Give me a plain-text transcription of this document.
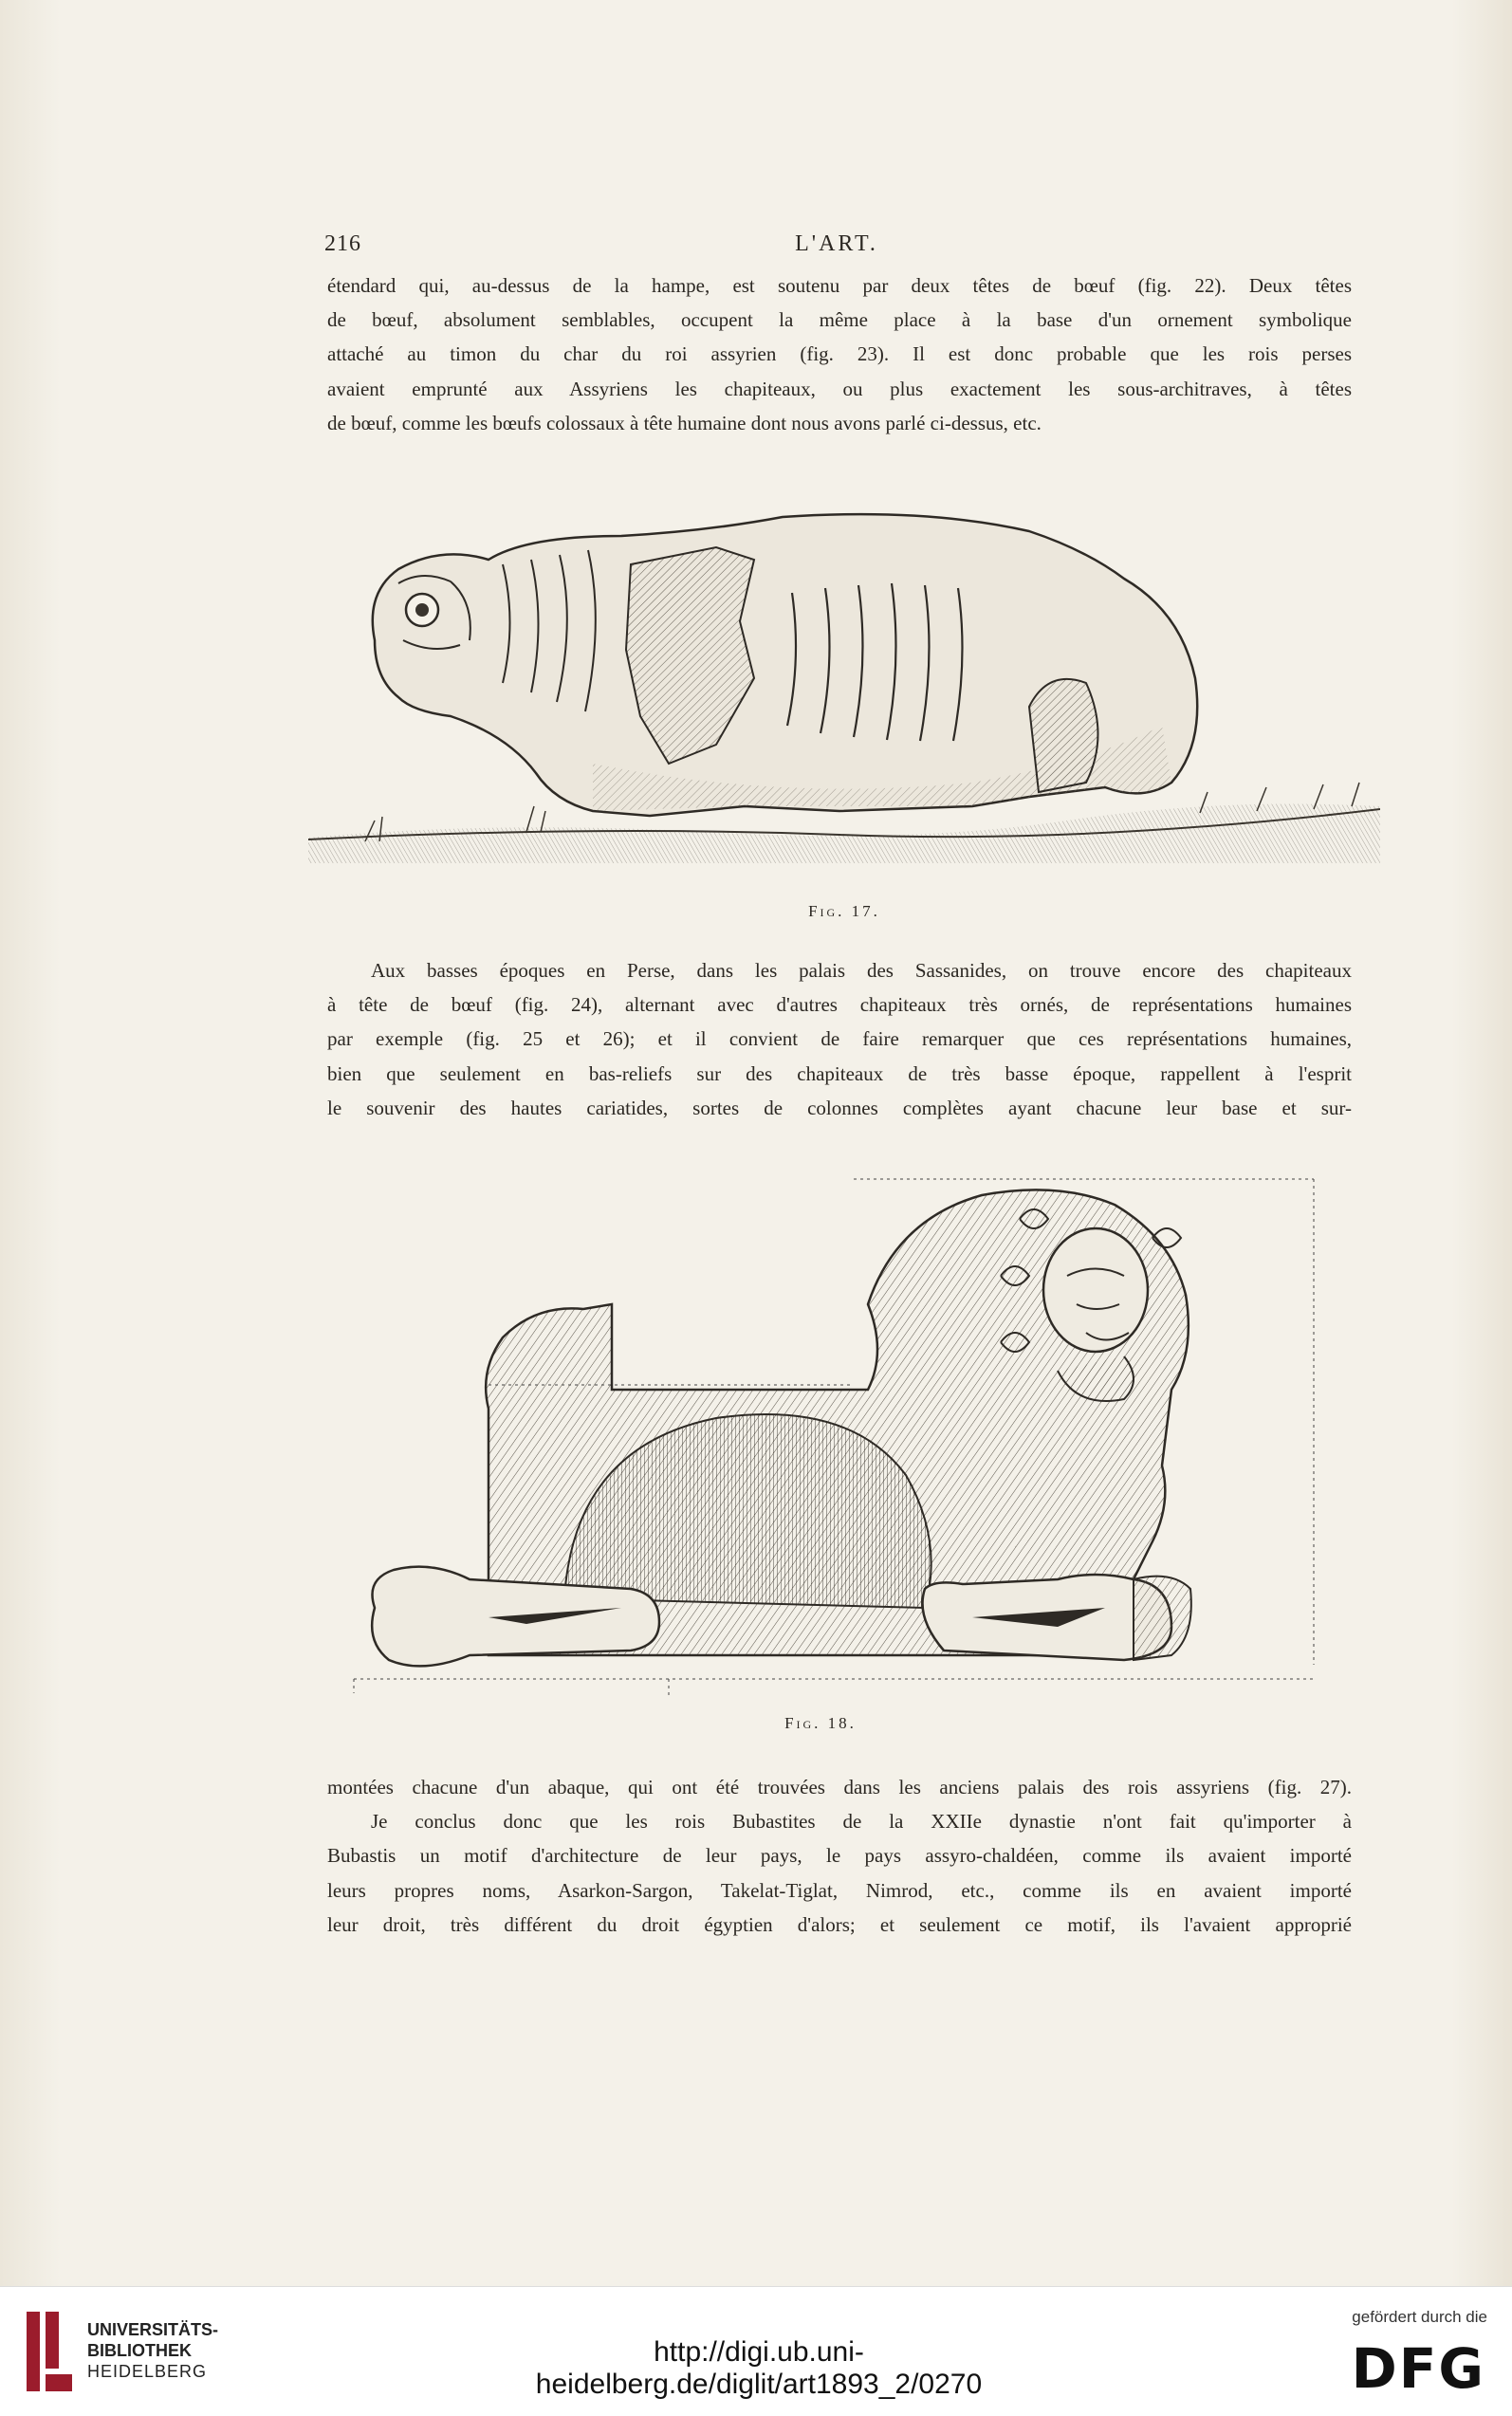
216	L'ART.

étendard qui, au-dessus de la hampe, est soutenu par deux têtes de bœuf (fig. 22). Deux têtes
de bœuf, absolument semblables, occupent la même place à la base d'un ornement symbolique
attaché au timon du char du roi assyrien (fig. 23). Il est donc probable que les rois perses
avaient emprunté aux Assyriens les chapiteaux, ou plus exactement les sous-architraves, à têtes
de bœuf, comme les bœufs colossaux à tête humaine dont nous avons parlé ci-dessus, etc.

Fig. 17.

Aux basses époques en Perse, dans les palais des Sassanides, on trouve encore des chapiteaux
à tête de bœuf (fig. 24), alternant avec d'autres chapiteaux très ornés, de représentations humaines
par exemple (fig. 25 et 26); et il convient de faire remarquer que ces représentations humaines,
bien que seulement en bas-reliefs sur des chapiteaux de très basse époque, rappellent à l'esprit
le souvenir des hautes cariatides, sortes de colonnes complètes ayant chacune leur base et sur-

Fig. 18.

montées chacune d'un abaque, qui ont été trouvées dans les anciens palais des rois assyriens (fig. 27).
Je conclus donc que les rois Bubastites de la XXIIe dynastie n'ont fait qu'importer à
Bubastis un motif d'architecture de leur pays, le pays assyro-chaldéen, comme ils avaient importé
leurs propres noms, Asarkon-Sargon, Takelat-Tiglat, Nimrod, etc., comme ils en avaient importé
leur droit, très différent du droit égyptien d'alors; et seulement ce motif, ils l'avaient approprié

UNIVERSITÄTS-
BIBLIOTHEK
HEIDELBERG
http://digi.ub.uni-heidelberg.de/diglit/art1893_2/0270
gefördert durch die
DFG
